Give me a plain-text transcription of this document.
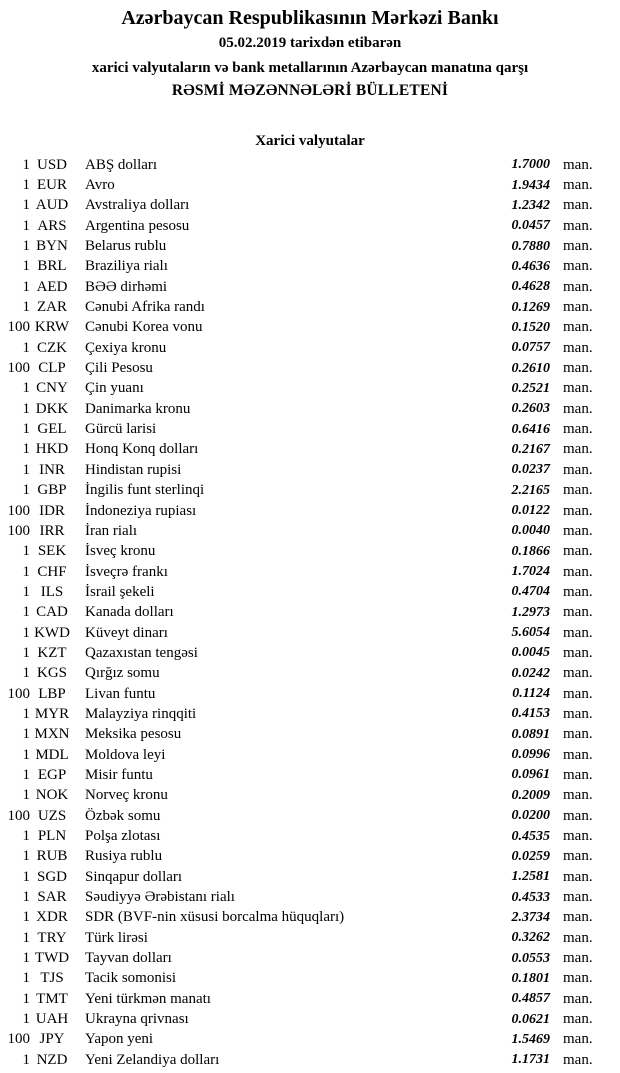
Azərbaycan Respublikasının Mərkəzi Bankı
05.02.2019 tarixdən etibarən
xarici valyutaların və bank metallarının Azərbaycan manatına qarşı
RƏSMİ MƏZƏNNƏLƏRİ BÜLLETENİ
Xarici valyutalar
1 USD	ABŞ dolları	1.7000 man.
1 EUR	Avro	1.9434 man.
1 AUD	Avstraliya dolları	1.2342 man.
1 ARS	Argentina pesosu	0.0457 man.
1 BYN	Belarus rublu	0.7880 man.
1 BRL	Braziliya rialı	0.4636 man.
1 AED	BƏƏ dirhəmi	0.4628 man.
1 ZAR	Cənubi Afrika randı	0.1269 man.
100 KRW	Cənubi Korea vonu	0.1520 man.
1 CZK	Çexiya kronu	0.0757 man.
100 CLP	Çili Pesosu	0.2610 man.
1 CNY	Çin yuanı	0.2521 man.
1 DKK	Danimarka kronu	0.2603 man.
1 GEL	Gürcü larisi	0.6416 man.
1 HKD	Honq Konq dolları	0.2167 man.
1 INR	Hindistan rupisi	0.0237 man.
1 GBP	İngilis funt sterlinqi	2.2165 man.
100 IDR	İndoneziya rupiası	0.0122 man.
100 IRR	İran rialı	0.0040 man.
1 SEK	İsveç kronu	0.1866 man.
1 CHF	İsveçrə frankı	1.7024 man.
1 ILS	İsrail şekeli	0.4704 man.
1 CAD	Kanada dolları	1.2973 man.
1 KWD	Küveyt dinarı	5.6054 man.
1 KZT	Qazaxıstan tengəsi	0.0045 man.
1 KGS	Qırğız somu	0.0242 man.
100 LBP	Livan funtu	0.1124 man.
1 MYR	Malayziya rinqqiti	0.4153 man.
1 MXN	Meksika pesosu	0.0891 man.
1 MDL	Moldova leyi	0.0996 man.
1 EGP	Misir funtu	0.0961 man.
1 NOK	Norveç kronu	0.2009 man.
100 UZS	Özbək somu	0.0200 man.
1 PLN	Polşa zlotası	0.4535 man.
1 RUB	Rusiya rublu	0.0259 man.
1 SGD	Sinqapur dolları	1.2581 man.
1 SAR	Səudiyyə Ərəbistanı rialı	0.4533 man.
1 XDR	SDR (BVF-nin xüsusi borcalma hüquqları)	2.3734 man.
1 TRY	Türk lirəsi	0.3262 man.
1 TWD	Tayvan dolları	0.0553 man.
1 TJS	Tacik somonisi	0.1801 man.
1 TMT	Yeni türkmən manatı	0.4857 man.
1 UAH	Ukrayna qrivnası	0.0621 man.
100 JPY	Yapon yeni	1.5469 man.
1 NZD	Yeni Zelandiya dolları	1.1731 man.
